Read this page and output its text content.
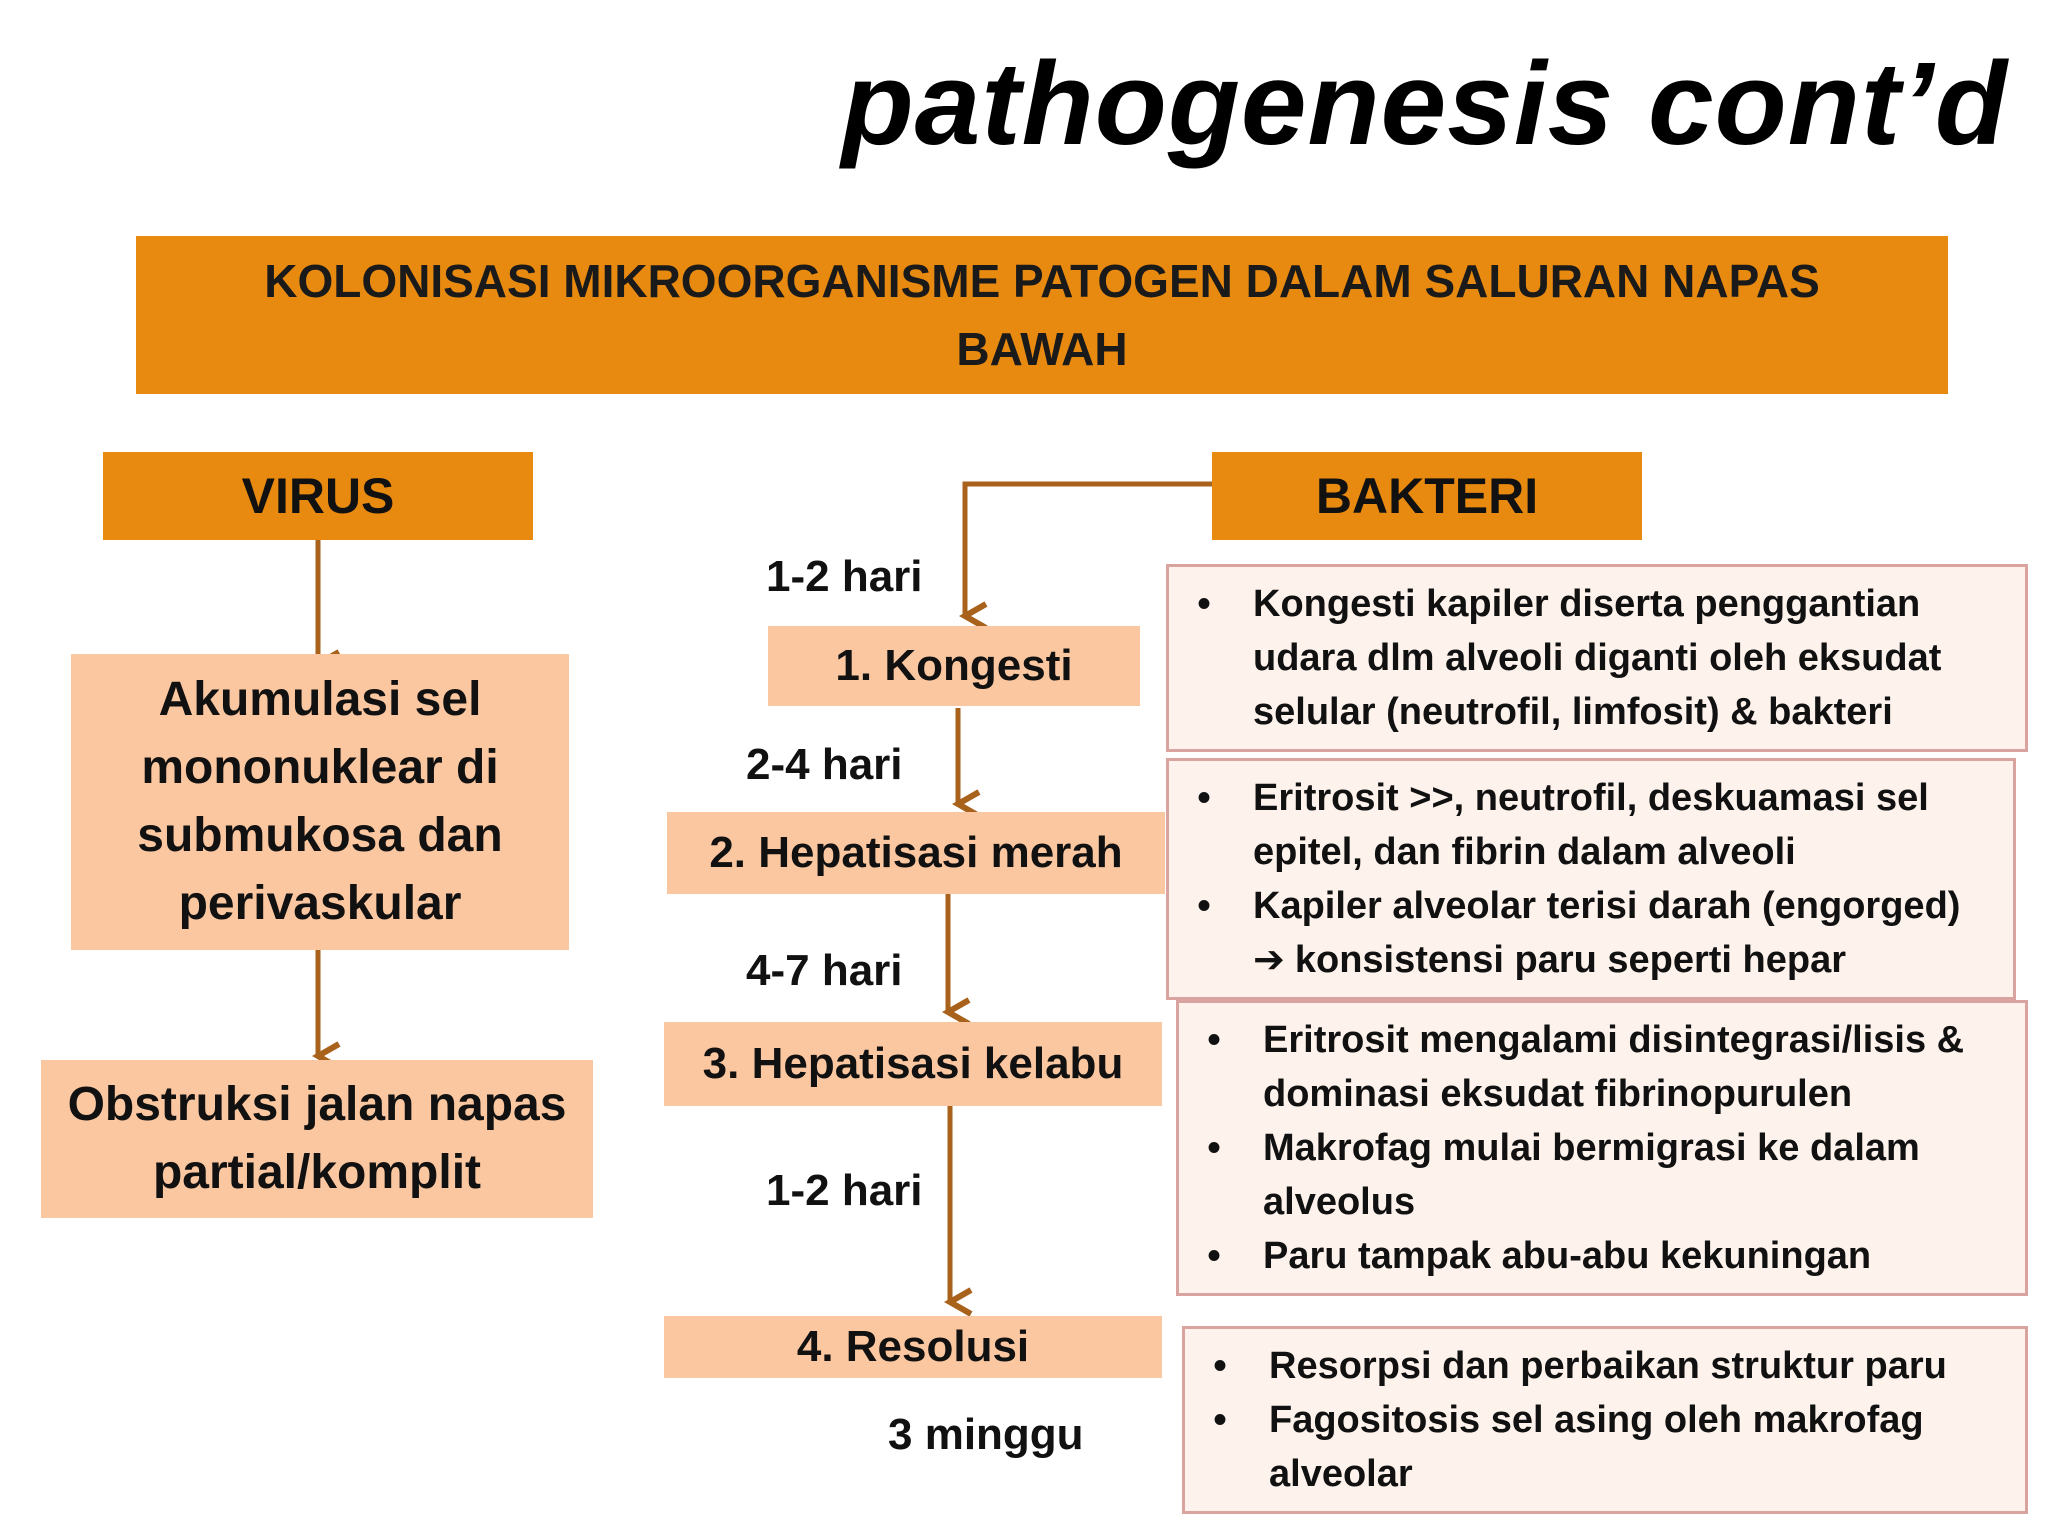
pathogenesis cont’d
KOLONISASI MIKROORGANISME PATOGEN DALAM SALURAN NAPAS
BAWAH
VIRUS
Akumulasi sel
mononuklear di
submukosa dan
perivaskular
Obstruksi jalan napas
partial/komplit
BAKTERI
1-2 hari
2-4 hari
4-7 hari
1-2 hari
3 minggu
1. Kongesti
2. Hepatisasi merah
3. Hepatisasi kelabu
4. Resolusi
• Kongesti kapiler diserta penggantian
udara dlm alveoli diganti oleh eksudat
selular (neutrofil, limfosit) & bakteri
• Eritrosit >>, neutrofil, deskuamasi sel
epitel, dan fibrin dalam alveoli
• Kapiler alveolar terisi darah (engorged)
➔ konsistensi paru seperti hepar
• Eritrosit mengalami disintegrasi/lisis &
dominasi eksudat fibrinopurulen
• Makrofag mulai bermigrasi ke dalam
alveolus
• Paru tampak abu-abu kekuningan
• Resorpsi dan perbaikan struktur paru
• Fagositosis sel asing oleh makrofag
alveolar
